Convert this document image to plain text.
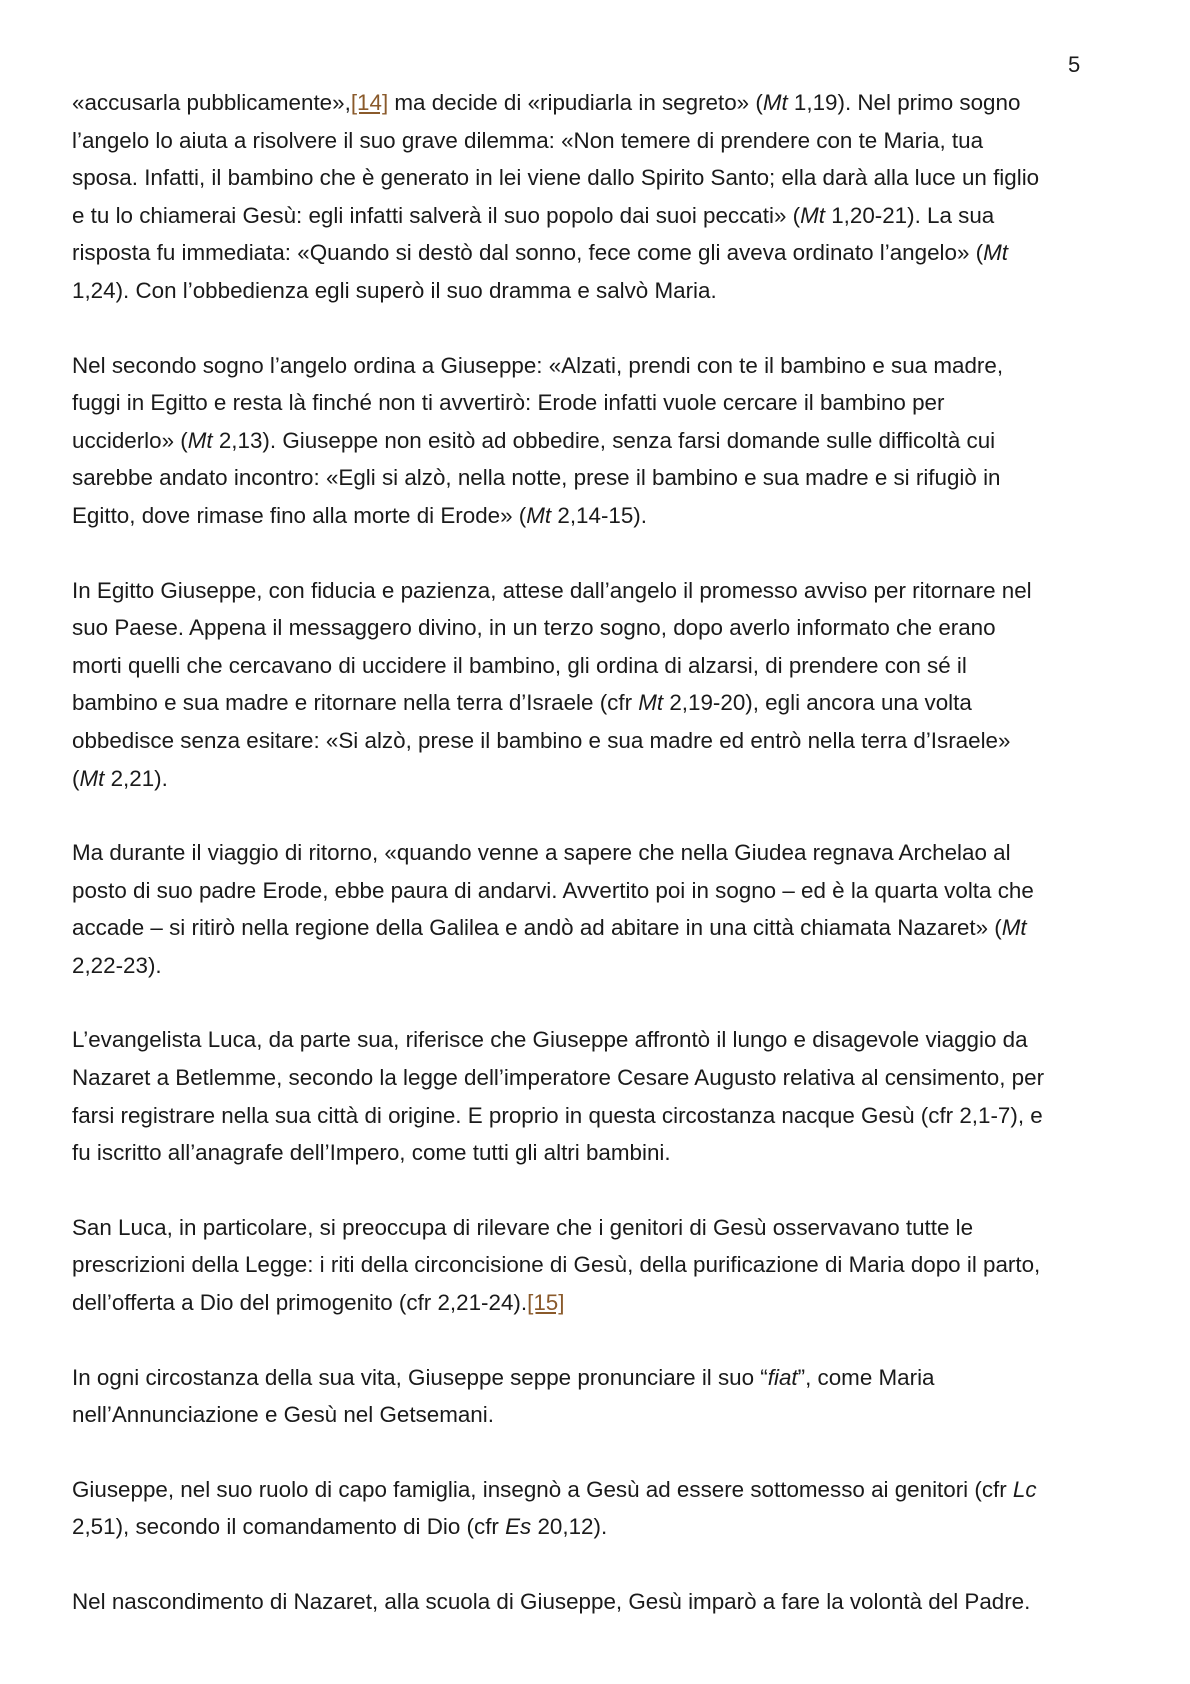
5

«accusarla pubblicamente»,[14] ma decide di «ripudiarla in segreto» (Mt 1,19). Nel primo sogno
l’angelo lo aiuta a risolvere il suo grave dilemma: «Non temere di prendere con te Maria, tua
sposa. Infatti, il bambino che è generato in lei viene dallo Spirito Santo; ella darà alla luce un figlio
e tu lo chiamerai Gesù: egli infatti salverà il suo popolo dai suoi peccati» (Mt 1,20-21). La sua
risposta fu immediata: «Quando si destò dal sonno, fece come gli aveva ordinato l’angelo» (Mt
1,24). Con l’obbedienza egli superò il suo dramma e salvò Maria.

Nel secondo sogno l’angelo ordina a Giuseppe: «Alzati, prendi con te il bambino e sua madre,
fuggi in Egitto e resta là finché non ti avvertirò: Erode infatti vuole cercare il bambino per
ucciderlo» (Mt 2,13). Giuseppe non esitò ad obbedire, senza farsi domande sulle difficoltà cui
sarebbe andato incontro: «Egli si alzò, nella notte, prese il bambino e sua madre e si rifugiò in
Egitto, dove rimase fino alla morte di Erode» (Mt 2,14-15).

In Egitto Giuseppe, con fiducia e pazienza, attese dall’angelo il promesso avviso per ritornare nel
suo Paese. Appena il messaggero divino, in un terzo sogno, dopo averlo informato che erano
morti quelli che cercavano di uccidere il bambino, gli ordina di alzarsi, di prendere con sé il
bambino e sua madre e ritornare nella terra d’Israele (cfr Mt 2,19-20), egli ancora una volta
obbedisce senza esitare: «Si alzò, prese il bambino e sua madre ed entrò nella terra d’Israele»
(Mt 2,21).

Ma durante il viaggio di ritorno, «quando venne a sapere che nella Giudea regnava Archelao al
posto di suo padre Erode, ebbe paura di andarvi. Avvertito poi in sogno – ed è la quarta volta che
accade – si ritirò nella regione della Galilea e andò ad abitare in una città chiamata Nazaret» (Mt
2,22-23).

L’evangelista Luca, da parte sua, riferisce che Giuseppe affrontò il lungo e disagevole viaggio da
Nazaret a Betlemme, secondo la legge dell’imperatore Cesare Augusto relativa al censimento, per
farsi registrare nella sua città di origine. E proprio in questa circostanza nacque Gesù (cfr 2,1-7), e
fu iscritto all’anagrafe dell’Impero, come tutti gli altri bambini.

San Luca, in particolare, si preoccupa di rilevare che i genitori di Gesù osservavano tutte le
prescrizioni della Legge: i riti della circoncisione di Gesù, della purificazione di Maria dopo il parto,
dell’offerta a Dio del primogenito (cfr 2,21-24).[15]

In ogni circostanza della sua vita, Giuseppe seppe pronunciare il suo “fiat”, come Maria
nell’Annunciazione e Gesù nel Getsemani.

Giuseppe, nel suo ruolo di capo famiglia, insegnò a Gesù ad essere sottomesso ai genitori (cfr Lc
2,51), secondo il comandamento di Dio (cfr Es 20,12).

Nel nascondimento di Nazaret, alla scuola di Giuseppe, Gesù imparò a fare la volontà del Padre.
